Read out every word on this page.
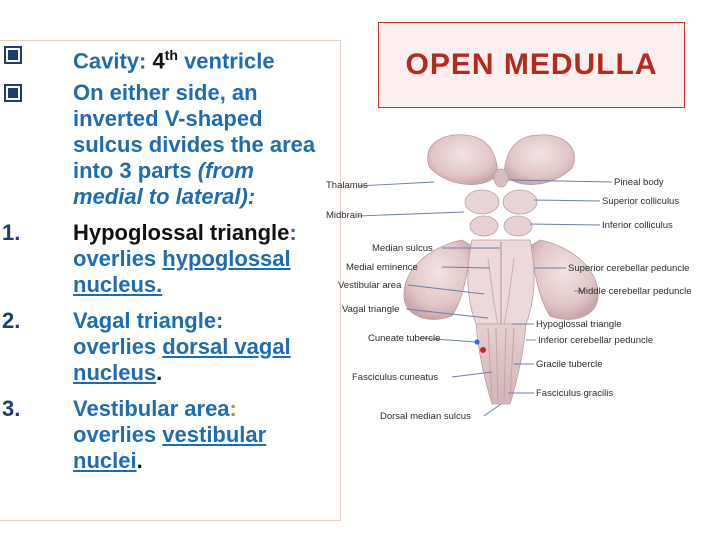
Cavity: 4th ventricle
On either side, an
inverted V-shaped
sulcus divides the area
into 3 parts (from
medial to lateral):
1. Hypoglossal triangle:
overlies hypoglossal
nucleus.
2. Vagal triangle:
overlies dorsal vagal
nucleus.
3. Vestibular area:
overlies vestibular
nuclei.
OPEN MEDULLA
Thalamus
Midbrain
Pineal body
Superior colliculus
Inferior colliculus
Median sulcus
Medial eminence	Superior cerebellar peduncle
Vestibular area
Middle cerebellar peduncle
Vagal triangle
Hypoglossal triangle
Cuneate tubercle	Inferior cerebellar peduncle
Gracile tubercle
Fasciculus cuneatus
Fasciculus gracilis
Dorsal median sulcus
